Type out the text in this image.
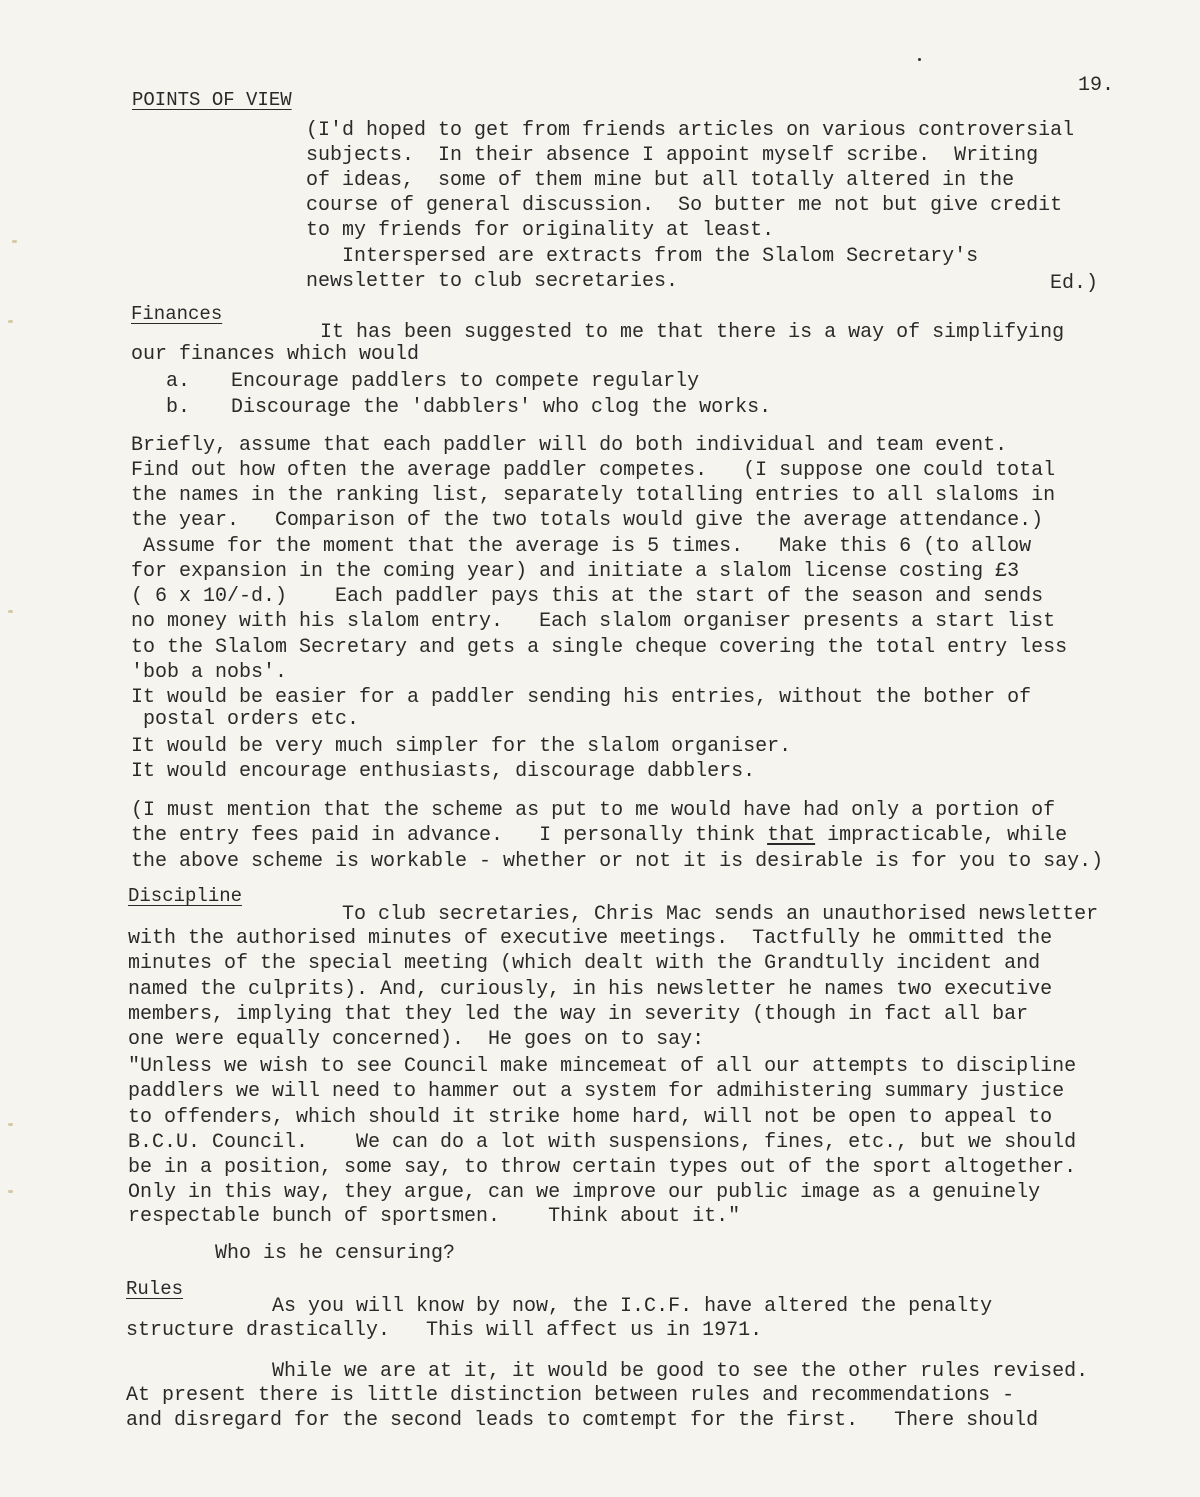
19.
POINTS OF VIEW
(I'd hoped to get from friends articles on various controversial
subjects.  In their absence I appoint myself scribe.  Writing
of ideas,  some of them mine but all totally altered in the
course of general discussion.  So butter me not but give credit
to my friends for originality at least.
Interspersed are extracts from the Slalom Secretary's
newsletter to club secretaries.	Ed.)
Finances
It has been suggested to me that there is a way of simplifying
our finances which would
a. Encourage paddlers to compete regularly
b. Discourage the 'dabblers' who clog the works.
Briefly, assume that each paddler will do both individual and team event.
Find out how often the average paddler competes.   (I suppose one could total
the names in the ranking list, separately totalling entries to all slaloms in
the year.   Comparison of the two totals would give the average attendance.)
Assume for the moment that the average is 5 times.   Make this 6 (to allow
for expansion in the coming year) and initiate a slalom license costing £3
( 6 x 10/-d.)    Each paddler pays this at the start of the season and sends
no money with his slalom entry.   Each slalom organiser presents a start list
to the Slalom Secretary and gets a single cheque covering the total entry less
'bob a nobs'.
It would be easier for a paddler sending his entries, without the bother of
postal orders etc.
It would be very much simpler for the slalom organiser.
It would encourage enthusiasts, discourage dabblers.
(I must mention that the scheme as put to me would have had only a portion of
the entry fees paid in advance.   I personally think that impracticable, while
the above scheme is workable - whether or not it is desirable is for you to say.)
Discipline
To club secretaries, Chris Mac sends an unauthorised newsletter
with the authorised minutes of executive meetings.  Tactfully he ommitted the
minutes of the special meeting (which dealt with the Grandtully incident and
named the culprits). And, curiously, in his newsletter he names two executive
members, implying that they led the way in severity (though in fact all bar
one were equally concerned).  He goes on to say:
"Unless we wish to see Council make mincemeat of all our attempts to discipline
paddlers we will need to hammer out a system for admihistering summary justice
to offenders, which should it strike home hard, will not be open to appeal to
B.C.U. Council.    We can do a lot with suspensions, fines, etc., but we should
be in a position, some say, to throw certain types out of the sport altogether.
Only in this way, they argue, can we improve our public image as a genuinely
respectable bunch of sportsmen.    Think about it."
Who is he censuring?
Rules
As you will know by now, the I.C.F. have altered the penalty
structure drastically.   This will affect us in 1971.
While we are at it, it would be good to see the other rules revised.
At present there is little distinction between rules and recommendations -
and disregard for the second leads to comtempt for the first.   There should
